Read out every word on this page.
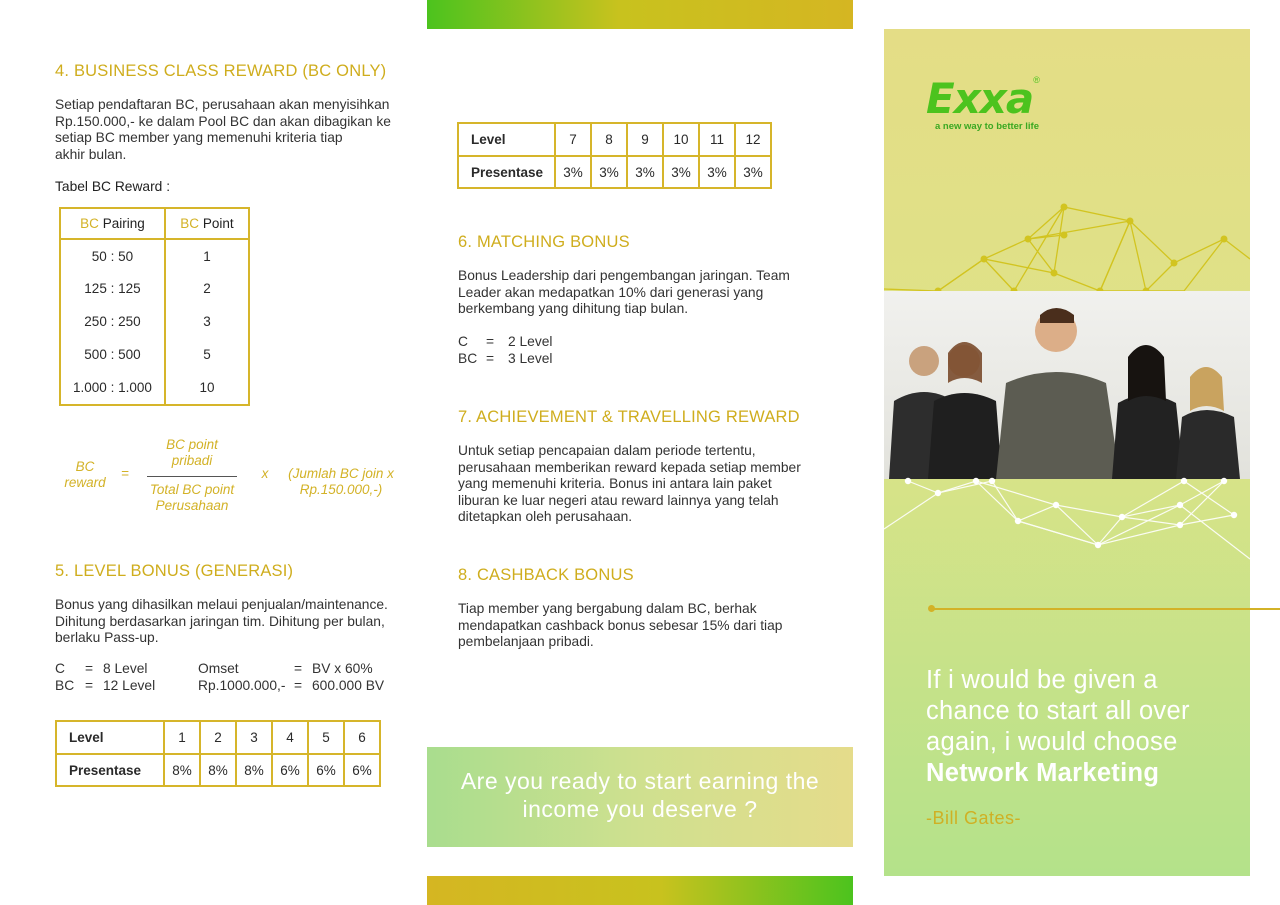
4. BUSINESS CLASS REWARD (BC ONLY)

Setiap pendaftaran BC, perusahaan akan menyisihkan
Rp.150.000,- ke dalam Pool BC dan akan dibagikan ke
setiap BC member yang memenuhi kriteria tiap
akhir bulan.

Tabel BC Reward :
BC Pairing	BC Point
50 : 50	1
125 : 125	2
250 : 250	3
500 : 500	5
1.000 : 1.000	10
BC
reward
=
BC point
pribadi
Total BC point
Perusahaan
x	(Jumlah BC join x
Rp.150.000,-)
5. LEVEL BONUS (GENERASI)

Bonus yang dihasilkan melaui penjualan/maintenance.
Dihitung berdasarkan jaringan tim. Dihitung per bulan,
berlaku Pass-up.

C = 8 Level	Omset	= BV x 60%
BC = 12 Level	Rp.1000.000,- = 600.000 BV
Level	1	2	3	4	5	6
Presentase	8%	8%	8%	6%	6%	6%
Level	7	8	9	10	11	12
Presentase	3%	3%	3%	3%	3%	3%
6. MATCHING BONUS

Bonus Leadership dari pengembangan jaringan. Team
Leader akan medapatkan 10% dari generasi yang
berkembang yang dihitung tiap bulan.

C = 2 Level
BC = 3 Level
7. ACHIEVEMENT & TRAVELLING REWARD

Untuk setiap pencapaian dalam periode tertentu,
perusahaan memberikan reward kepada setiap member
yang memenuhi kriteria. Bonus ini antara lain paket
liburan ke luar negeri atau reward lainnya yang telah
ditetapkan oleh perusahaan.

8. CASHBACK BONUS

Tiap member yang bergabung dalam BC, berhak
mendapatkan cashback bonus sebesar 15% dari tiap
pembelanjaan pribadi.

Are you ready to start earning the
income you deserve ?
Exxa®
a new way to better life
If i would be given a
chance to start all over
again, i would choose
Network Marketing
-Bill Gates-
